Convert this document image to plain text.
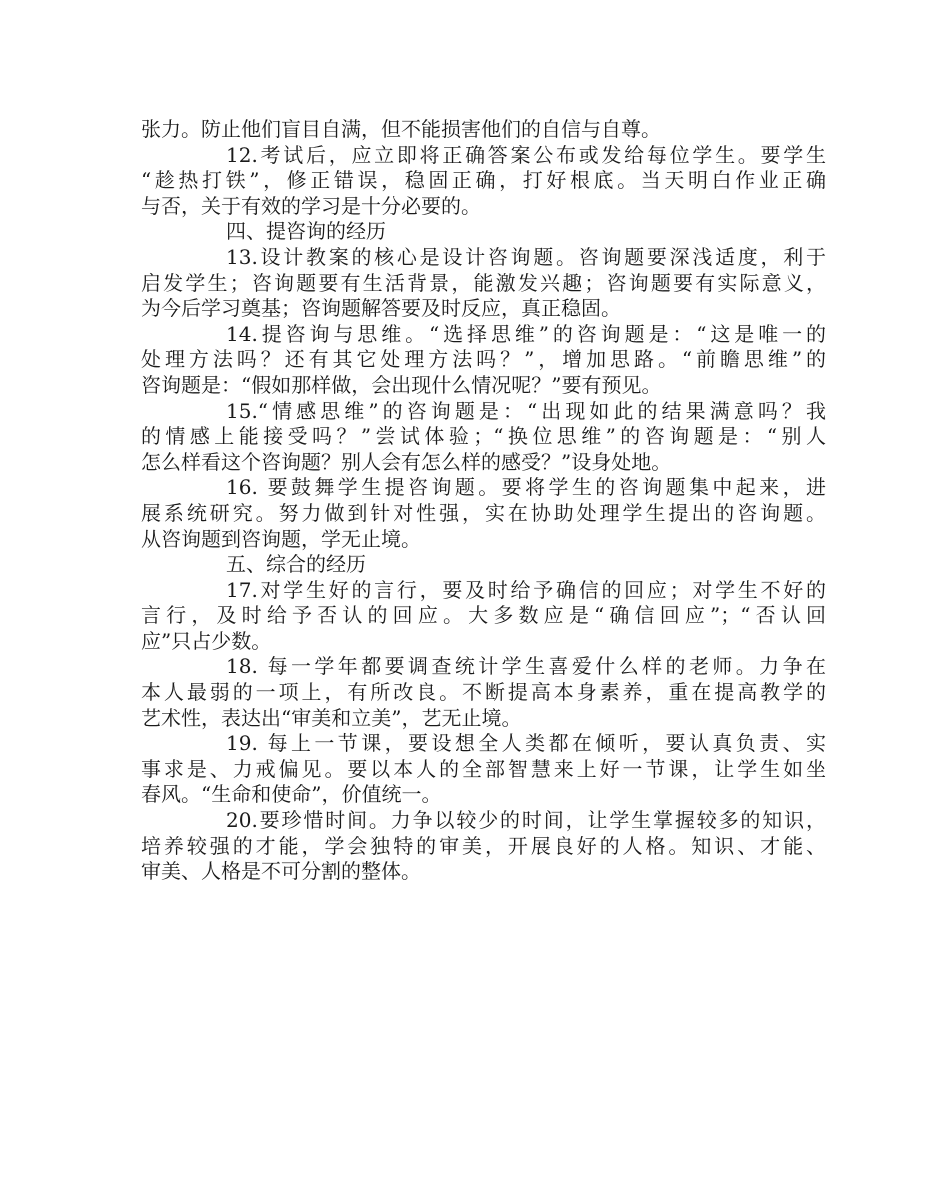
张力。防止他们盲目自满，但不能损害他们的自信与自尊。
12.考试后，应立即将正确答案公布或发给每位学生。要学生
“趁热打铁”，修正错误，稳固正确，打好根底。当天明白作业正确
与否，关于有效的学习是十分必要的。
四、提咨询的经历
13.设计教案的核心是设计咨询题。咨询题要深浅适度，利于
启发学生；咨询题要有生活背景，能激发兴趣；咨询题要有实际意义，
为今后学习奠基；咨询题解答要及时反应，真正稳固。
14.提咨询与思维。“选择思维”的咨询题是：“这是唯一的
处理方法吗？还有其它处理方法吗？”，增加思路。“前瞻思维”的
咨询题是：“假如那样做，会出现什么情况呢？”要有预见。
15.“情感思维”的咨询题是：“出现如此的结果满意吗？我
的情感上能接受吗？”尝试体验；“换位思维”的咨询题是：“别人
怎么样看这个咨询题？别人会有怎么样的感受？”设身处地。
16. 要鼓舞学生提咨询题。要将学生的咨询题集中起来，进
展系统研究。努力做到针对性强，实在协助处理学生提出的咨询题。
从咨询题到咨询题，学无止境。
五、综合的经历
17.对学生好的言行，要及时给予确信的回应；对学生不好的
言行，及时给予否认的回应。大多数应是“确信回应”；“否认回
应”只占少数。
18. 每一学年都要调查统计学生喜爱什么样的老师。力争在
本人最弱的一项上，有所改良。不断提高本身素养，重在提高教学的
艺术性，表达出“审美和立美”，艺无止境。
19. 每上一节课，要设想全人类都在倾听，要认真负责、实
事求是、力戒偏见。要以本人的全部智慧来上好一节课，让学生如坐
春风。“生命和使命”，价值统一。
20.要珍惜时间。力争以较少的时间，让学生掌握较多的知识，
培养较强的才能，学会独特的审美，开展良好的人格。知识、才能、
审美、人格是不可分割的整体。
